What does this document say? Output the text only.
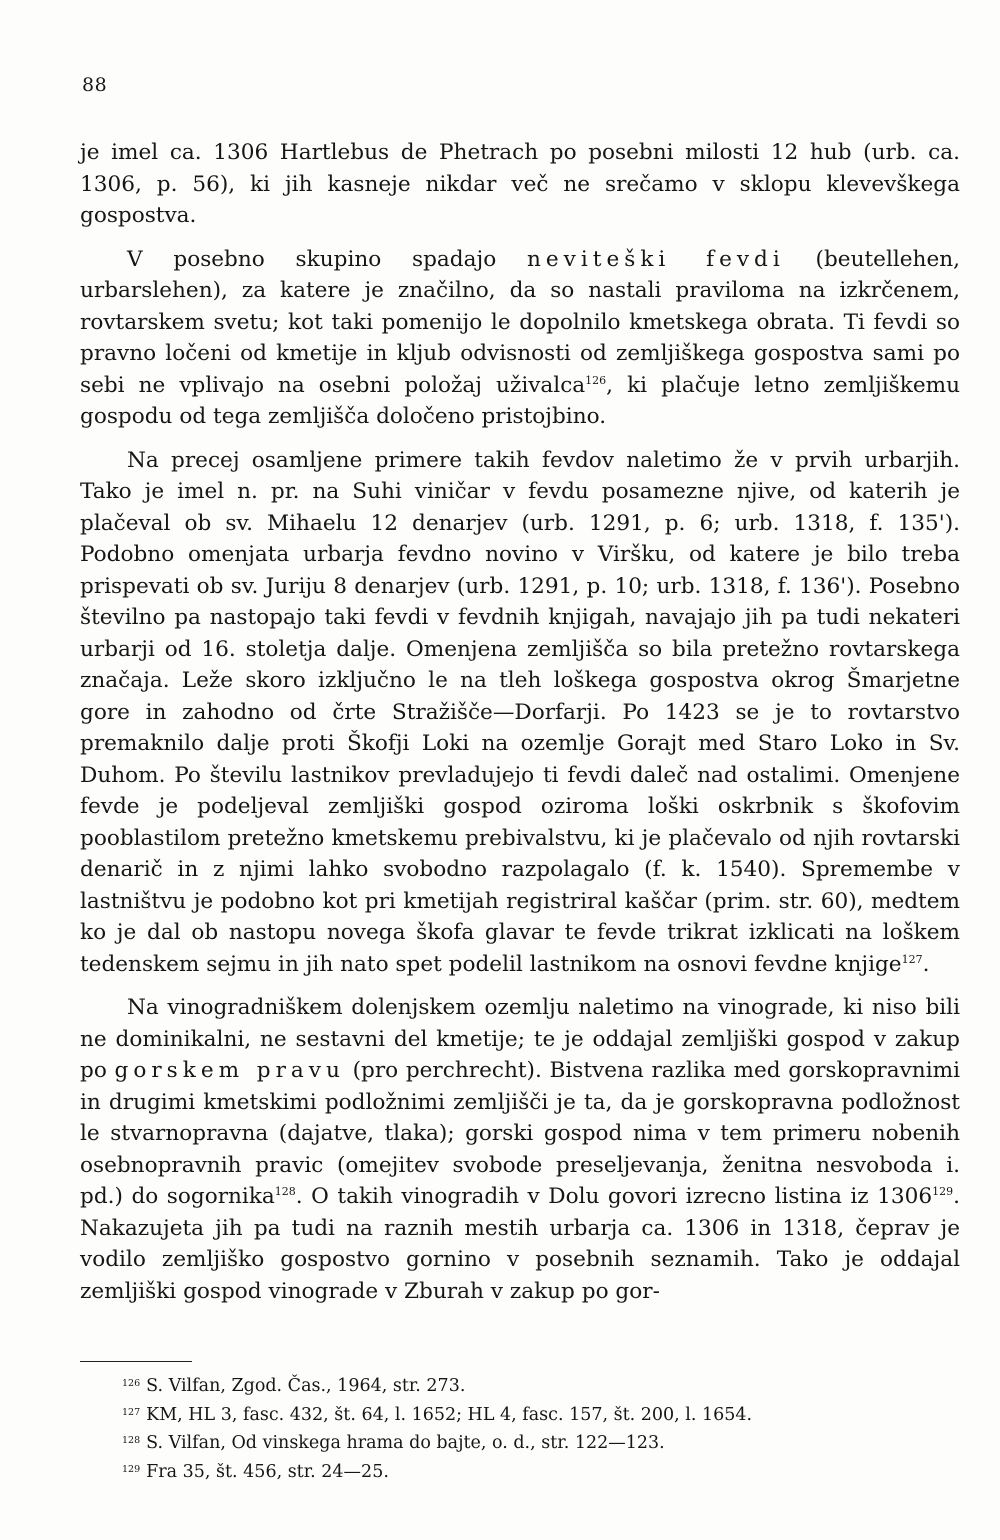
88

je imel ca. 1306 Hartlebus de Phetrach po posebni milosti 12 hub (urb. ca. 1306, p. 56), ki jih kasneje nikdar več ne srečamo v sklopu klevevškega gospostva.

V posebno skupino spadajo neviteški fevdi (beutellehen, urbarslehen), za katere je značilno, da so nastali praviloma na izkrčenem, rovtarskem svetu; kot taki pomenijo le dopolnilo kmetskega obrata. Ti fevdi so pravno ločeni od kmetije in kljub odvisnosti od zemljiškega gospostva sami po sebi ne vplivajo na osebni položaj uživalca$^{126}$, ki plačuje letno zemljiškemu gospodu od tega zemljišča določeno pristojbino.

Na precej osamljene primere takih fevdov naletimo že v prvih urbarjih. Tako je imel n. pr. na Suhi viničar v fevdu posamezne njive, od katerih je plačeval ob sv. Mihaelu 12 denarjev (urb. 1291, p. 6; urb. 1318, f. 135'). Podobno omenjata urbarja fevdno novino v Viršku, od katere je bilo treba prispevati ob sv. Juriju 8 denarjev (urb. 1291, p. 10; urb. 1318, f. 136'). Posebno številno pa nastopajo taki fevdi v fevdnih knjigah, navajajo jih pa tudi nekateri urbarji od 16. stoletja dalje. Omenjena zemljišča so bila pretežno rovtarskega značaja. Leže skoro izključno le na tleh loškega gospostva okrog Šmarjetne gore in zahodno od črte Stražišče—Dorfarji. Po 1423 se je to rovtarstvo premaknilo dalje proti Škofji Loki na ozemlje Gorajt med Staro Loko in Sv. Duhom. Po številu lastnikov prevladujejo ti fevdi daleč nad ostalimi. Omenjene fevde je podeljeval zemljiški gospod oziroma loški oskrbnik s škofovim pooblastilom pretežno kmetskemu prebivalstvu, ki je plačevalo od njih rovtarski denarič in z njimi lahko svobodno razpolagalo (f. k. 1540). Spremembe v lastništvu je podobno kot pri kmetijah registriral kaščar (prim. str. 60), medtem ko je dal ob nastopu novega škofa glavar te fevde trikrat izklicati na loškem tedenskem sejmu in jih nato spet podelil lastnikom na osnovi fevdne knjige$^{127}$.

Na vinogradniškem dolenjskem ozemlju naletimo na vinograde, ki niso bili ne dominikalni, ne sestavni del kmetije; te je oddajal zemljiški gospod v zakup po gorskem pravu (pro perchrecht). Bistvena razlika med gorskopravnimi in drugimi kmetskimi podložnimi zemljišči je ta, da je gorskopravna podložnost le stvarnopravna (dajatve, tlaka); gorski gospod nima v tem primeru nobenih osebnopravnih pravic (omejitev svobode preseljevanja, ženitna nesvoboda i. pd.) do sogornika$^{128}$. O takih vinogradih v Dolu govori izrecno listina iz 1306$^{129}$. Nakazujeta jih pa tudi na raznih mestih urbarja ca. 1306 in 1318, čeprav je vodilo zemljiško gospostvo gornino v posebnih seznamih. Tako je oddajal zemljiški gospod vinograde v Zburah v zakup po gor-

$^{126}$ S. Vilfan, Zgod. Čas., 1964, str. 273.

$^{127}$ KM, HL 3, fasc. 432, št. 64, l. 1652; HL 4, fasc. 157, št. 200, l. 1654.

$^{128}$ S. Vilfan, Od vinskega hrama do bajte, o. d., str. 122—123.

$^{129}$ Fra 35, št. 456, str. 24—25.
